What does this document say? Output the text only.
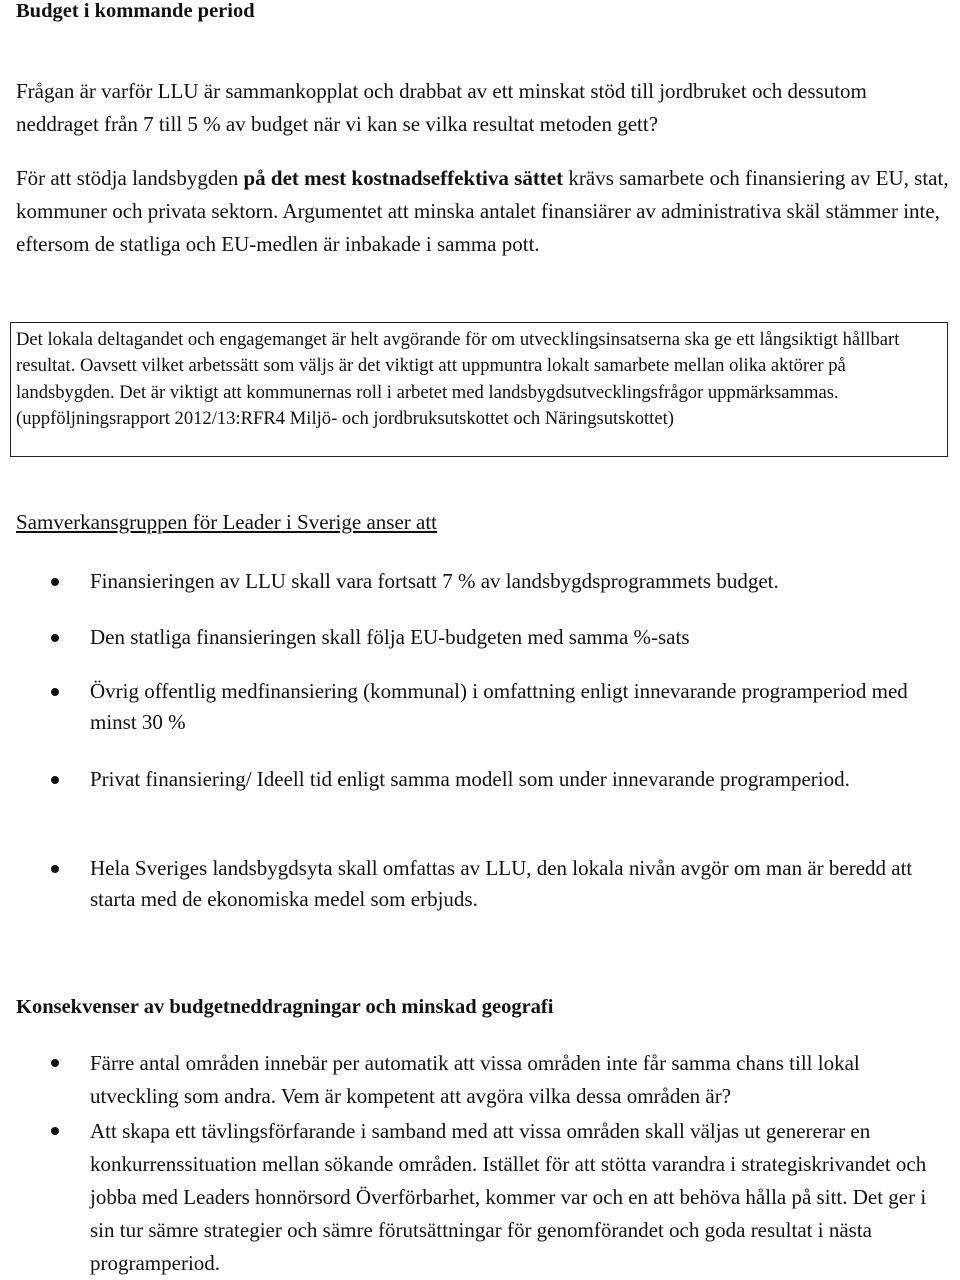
Budget i kommande period

Frågan är varför LLU är sammankopplat och drabbat av ett minskat stöd till jordbruket och dessutom neddraget från 7 till 5 % av budget när vi kan se vilka resultat metoden gett?

För att stödja landsbygden på det mest kostnadseffektiva sättet krävs samarbete och finansiering av EU, stat, kommuner och privata sektorn. Argumentet att minska antalet finansiärer av administrativa skäl stämmer inte, eftersom de statliga och EU-medlen är inbakade i samma pott.

Det lokala deltagandet och engagemanget är helt avgörande för om utvecklingsinsatserna ska ge ett långsiktigt hållbart resultat. Oavsett vilket arbetssätt som väljs är det viktigt att uppmuntra lokalt samarbete mellan olika aktörer på landsbygden. Det är viktigt att kommunernas roll i arbetet med landsbygdsutvecklingsfrågor uppmärksammas. (uppföljningsrapport 2012/13:RFR4 Miljö- och jordbruksutskottet och Näringsutskottet)

Samverkansgruppen för Leader i Sverige anser att

Finansieringen av LLU skall vara fortsatt 7 % av landsbygdsprogrammets budget.

Den statliga finansieringen skall följa EU-budgeten med samma %-sats

Övrig offentlig medfinansiering (kommunal) i omfattning enligt innevarande programperiod med minst 30 %

Privat finansiering/ Ideell tid enligt samma modell som under innevarande programperiod.

Hela Sveriges landsbygdsyta skall omfattas av LLU, den lokala nivån avgör om man är beredd att starta med de ekonomiska medel som erbjuds.

Konsekvenser av budgetneddragningar och minskad geografi

Färre antal områden innebär per automatik att vissa områden inte får samma chans till lokal utveckling som andra. Vem är kompetent att avgöra vilka dessa områden är?

Att skapa ett tävlingsförfarande i samband med att vissa områden skall väljas ut genererar en konkurrenssituation mellan sökande områden. Istället för att stötta varandra i strategiskrivandet och jobba med Leaders honnörsord Överförbarhet, kommer var och en att behöva hålla på sitt. Det ger i sin tur sämre strategier och sämre förutsättningar för genomförandet och goda resultat i nästa programperiod.
